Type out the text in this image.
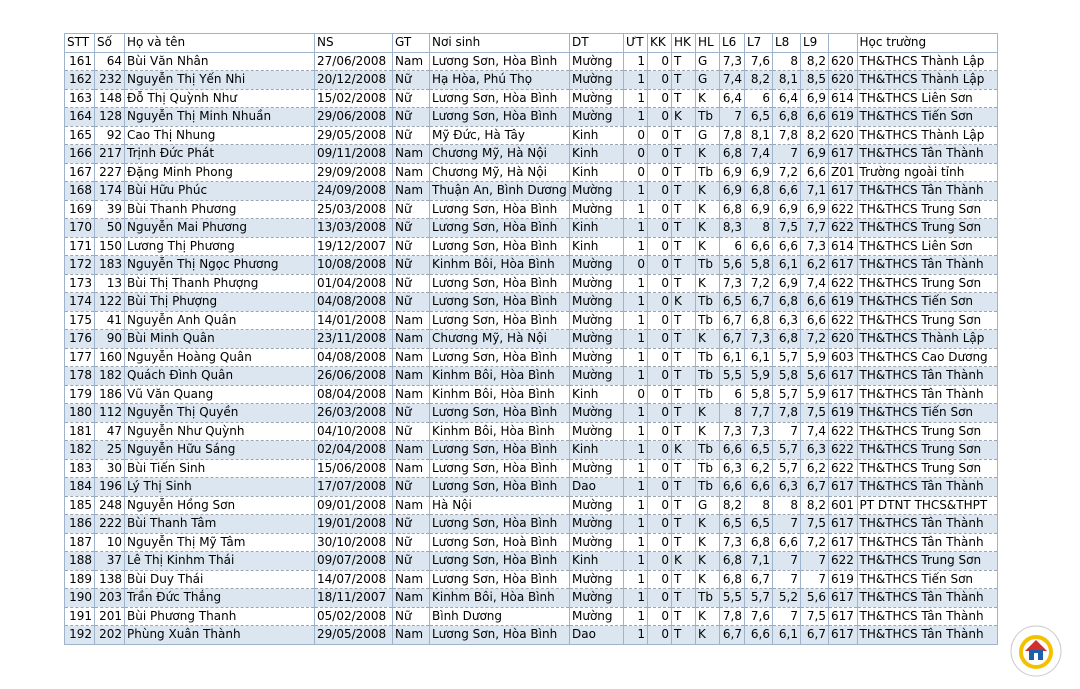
STT	Số	Họ và tên	NS	GT	Nơi sinh	DT	ƯT	KK	HK	HL	L6	L7	L8	L9		Học trường
161	64	Bùi Văn Nhân	27/06/2008	Nam	Lương Sơn, Hòa Bình	Mường	1	0	T	G	7,3	7,6	8	8,2	620	TH&THCS Thành Lập
162	232	Nguyễn Thị Yến Nhi	20/12/2008	Nữ	Hạ Hòa, Phú Thọ	Mường	1	0	T	G	7,4	8,2	8,1	8,5	620	TH&THCS Thành Lập
163	148	Đỗ Thị Quỳnh Như	15/02/2008	Nữ	Lương Sơn, Hòa Bình	Mường	1	0	T	K	6,4	6	6,4	6,9	614	TH&THCS Liên Sơn
164	128	Nguyễn Thị Minh Nhuần	29/06/2008	Nữ	Lương Sơn, Hòa Bình	Mường	1	0	K	Tb	7	6,5	6,8	6,6	619	TH&THCS Tiến Sơn
165	92	Cao Thị Nhung	29/05/2008	Nữ	Mỹ Đức, Hà Tây	Kinh	0	0	T	G	7,8	8,1	7,8	8,2	620	TH&THCS Thành Lập
166	217	Trịnh Đức Phát	09/11/2008	Nam	Chương Mỹ, Hà Nội	Kinh	0	0	T	K	6,8	7,4	7	6,9	617	TH&THCS Tân Thành
167	227	Đặng Minh Phong	29/09/2008	Nam	Chương Mỹ, Hà Nội	Kinh	0	0	T	Tb	6,9	6,9	7,2	6,6	Z01	Trường ngoài tỉnh
168	174	Bùi Hữu Phúc	24/09/2008	Nam	Thuận An, Bình Dương	Mường	1	0	T	K	6,9	6,8	6,6	7,1	617	TH&THCS Tân Thành
169	39	Bùi Thanh Phương	25/03/2008	Nữ	Lương Sơn, Hòa Bình	Mường	1	0	T	K	6,8	6,9	6,9	6,9	622	TH&THCS Trung Sơn
170	50	Nguyễn Mai Phương	13/03/2008	Nữ	Lương Sơn, Hòa Bình	Kinh	1	0	T	K	8,3	8	7,5	7,7	622	TH&THCS Trung Sơn
171	150	Lương Thị Phương	19/12/2007	Nữ	Lương Sơn, Hòa Bình	Kinh	1	0	T	K	6	6,6	6,6	7,3	614	TH&THCS Liên Sơn
172	183	Nguyễn Thị Ngọc Phương	10/08/2008	Nữ	Kinhm Bôi, Hòa Bình	Mường	0	0	T	Tb	5,6	5,8	6,1	6,2	617	TH&THCS Tân Thành
173	13	Bùi Thị Thanh Phượng	01/04/2008	Nữ	Lương Sơn, Hòa Bình	Mường	1	0	T	K	7,3	7,2	6,9	7,4	622	TH&THCS Trung Sơn
174	122	Bùi Thị Phượng	04/08/2008	Nữ	Lương Sơn, Hòa Bình	Mường	1	0	K	Tb	6,5	6,7	6,8	6,6	619	TH&THCS Tiến Sơn
175	41	Nguyễn Anh Quân	14/01/2008	Nam	Lương Sơn, Hòa Bình	Mường	1	0	T	Tb	6,7	6,8	6,3	6,6	622	TH&THCS Trung Sơn
176	90	Bùi Minh Quân	23/11/2008	Nam	Chương Mỹ, Hà Nội	Mường	1	0	T	K	6,7	7,3	6,8	7,2	620	TH&THCS Thành Lập
177	160	Nguyễn Hoàng Quân	04/08/2008	Nam	Lương Sơn, Hòa Bình	Mường	1	0	T	Tb	6,1	6,1	5,7	5,9	603	TH&THCS Cao Dương
178	182	Quách Đình Quân	26/06/2008	Nam	Kinhm Bôi, Hòa Bình	Mường	1	0	T	Tb	5,5	5,9	5,8	5,6	617	TH&THCS Tân Thành
179	186	Vũ Văn Quang	08/04/2008	Nam	Kinhm Bôi, Hòa Bình	Kinh	0	0	T	Tb	6	5,8	5,7	5,9	617	TH&THCS Tân Thành
180	112	Nguyễn Thị Quyền	26/03/2008	Nữ	Lương Sơn, Hòa Bình	Mường	1	0	T	K	8	7,7	7,8	7,5	619	TH&THCS Tiến Sơn
181	47	Nguyễn Như Quỳnh	04/10/2008	Nữ	Kinhm Bôi, Hòa Bình	Mường	1	0	T	K	7,3	7,3	7	7,4	622	TH&THCS Trung Sơn
182	25	Nguyễn Hữu Sáng	02/04/2008	Nam	Lương Sơn, Hòa Bình	Kinh	1	0	K	Tb	6,6	6,5	5,7	6,3	622	TH&THCS Trung Sơn
183	30	Bùi Tiến Sinh	15/06/2008	Nam	Lương Sơn, Hòa Bình	Mường	1	0	T	Tb	6,3	6,2	5,7	6,2	622	TH&THCS Trung Sơn
184	196	Lý Thị Sinh	17/07/2008	Nữ	Lương Sơn, Hòa Bình	Dao	1	0	T	Tb	6,6	6,6	6,3	6,7	617	TH&THCS Tân Thành
185	248	Nguyễn Hồng Sơn	09/01/2008	Nam	Hà Nội	Mường	1	0	T	G	8,2	8	8	8,2	601	PT DTNT THCS&THPT
186	222	Bùi Thanh Tâm	19/01/2008	Nữ	Lương Sơn, Hòa Bình	Mường	1	0	T	K	6,5	6,5	7	7,5	617	TH&THCS Tân Thành
187	10	Nguyễn Thị Mỹ Tâm	30/10/2008	Nữ	Lương Sơn, Hoà Bình	Mường	1	0	T	K	7,3	6,8	6,6	7,2	617	TH&THCS Tân Thành
188	37	Lê Thị Kinhm Thái	09/07/2008	Nữ	Lương Sơn, Hòa Bình	Kinh	1	0	K	K	6,8	7,1	7	7	622	TH&THCS Trung Sơn
189	138	Bùi Duy Thái	14/07/2008	Nam	Lương Sơn, Hòa Bình	Mường	1	0	T	K	6,8	6,7	7	7	619	TH&THCS Tiến Sơn
190	203	Trần Đức Thắng	18/11/2007	Nam	Kinhm Bôi, Hòa Bình	Mường	1	0	T	Tb	5,5	5,7	5,2	5,6	617	TH&THCS Tân Thành
191	201	Bùi Phương Thanh	05/02/2008	Nữ	Bình Dương	Mường	1	0	T	K	7,8	7,6	7	7,5	617	TH&THCS Tân Thành
192	202	Phùng Xuân Thành	29/05/2008	Nam	Lương Sơn, Hòa Bình	Dao	1	0	T	K	6,7	6,6	6,1	6,7	617	TH&THCS Tân Thành
